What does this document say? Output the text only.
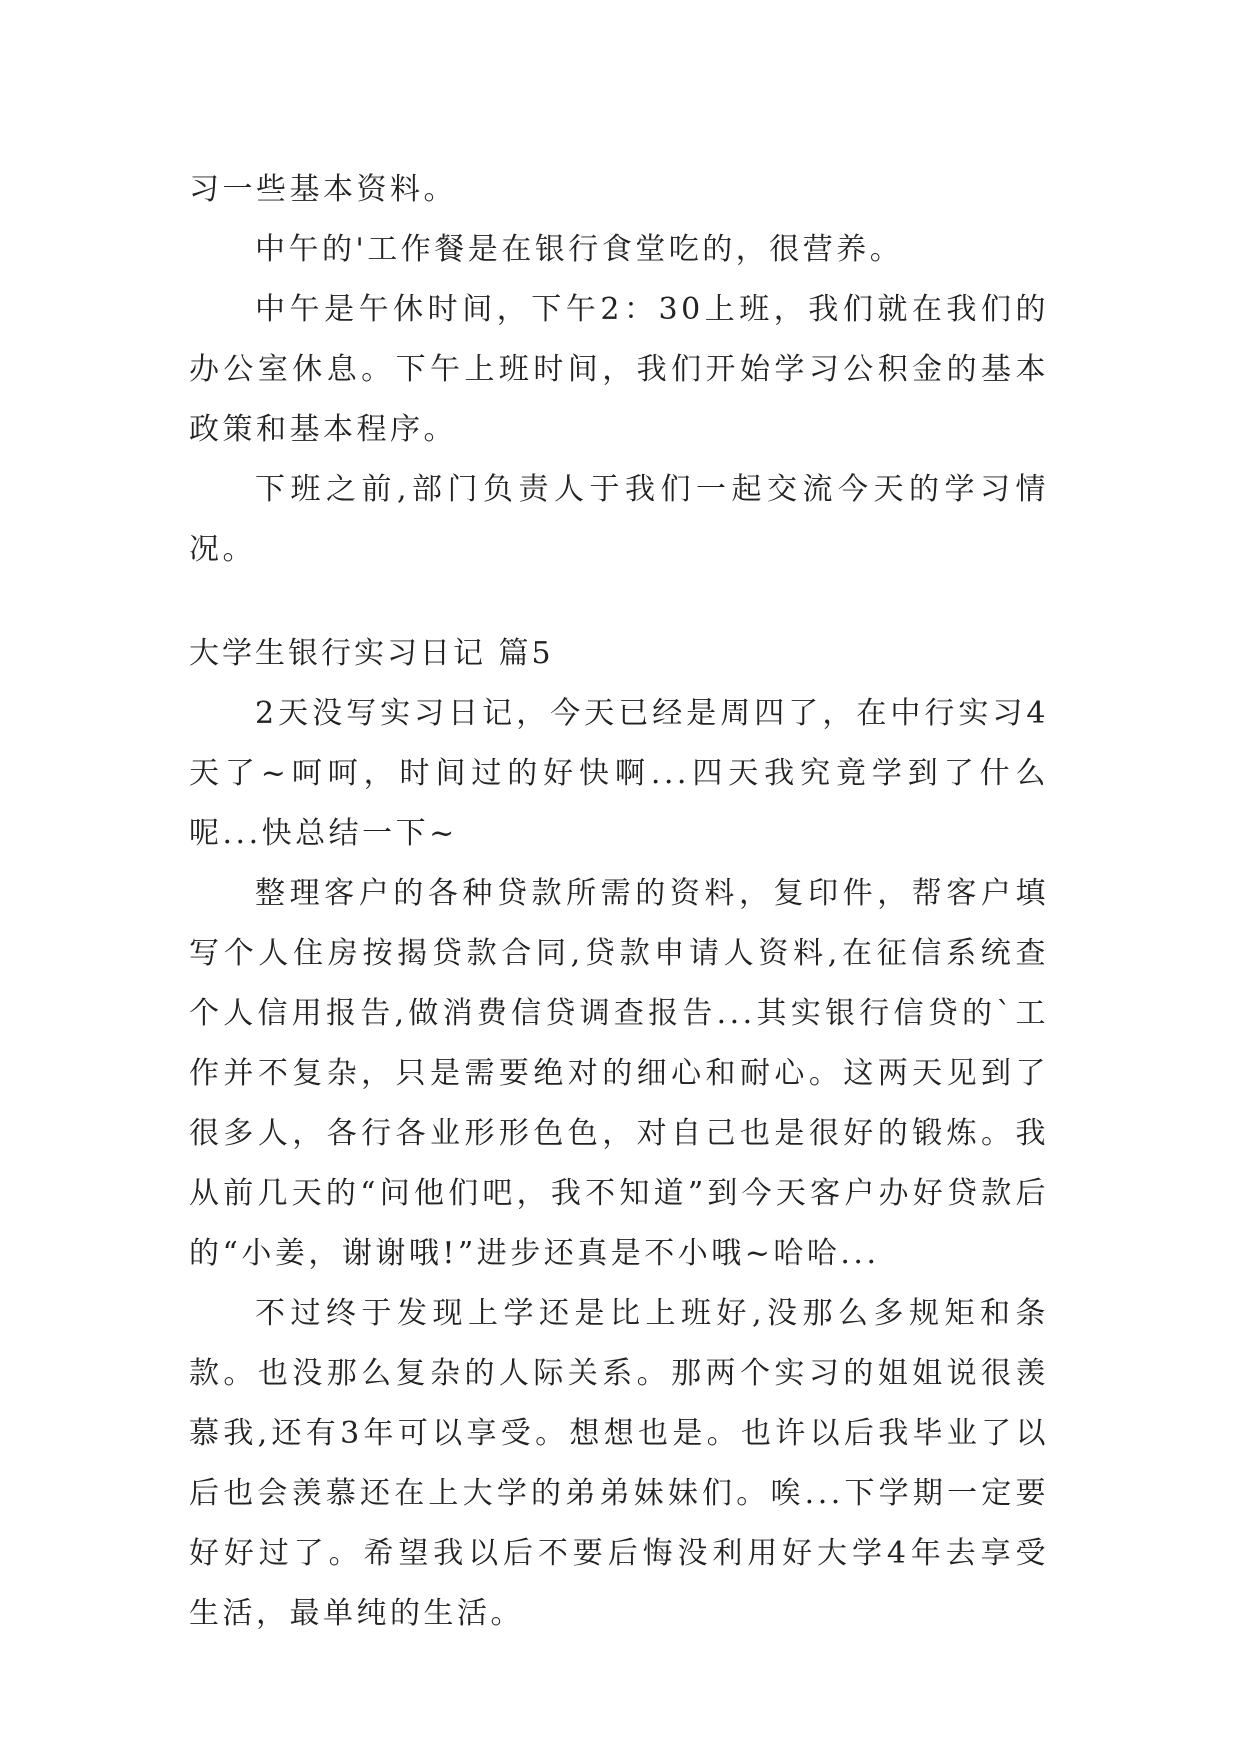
习一些基本资料。

中午的'工作餐是在银行食堂吃的，很营养。

中午是午休时间，下午2：30上班，我们就在我们的办公室休息。下午上班时间，我们开始学习公积金的基本政策和基本程序。

下班之前,部门负责人于我们一起交流今天的学习情况。

大学生银行实习日记 篇5

2天没写实习日记，今天已经是周四了，在中行实习4天了~呵呵，时间过的好快啊...四天我究竟学到了什么呢...快总结一下~

整理客户的各种贷款所需的资料，复印件，帮客户填写个人住房按揭贷款合同,贷款申请人资料,在征信系统查个人信用报告,做消费信贷调查报告...其实银行信贷的`工作并不复杂，只是需要绝对的细心和耐心。这两天见到了很多人，各行各业形形色色，对自己也是很好的锻炼。我从前几天的“问他们吧，我不知道”到今天客户办好贷款后的“小姜，谢谢哦!”进步还真是不小哦~哈哈...

不过终于发现上学还是比上班好,没那么多规矩和条款。也没那么复杂的人际关系。那两个实习的姐姐说很羡慕我,还有3年可以享受。想想也是。也许以后我毕业了以后也会羡慕还在上大学的弟弟妹妹们。唉...下学期一定要好好过了。希望我以后不要后悔没利用好大学4年去享受生活，最单纯的生活。
